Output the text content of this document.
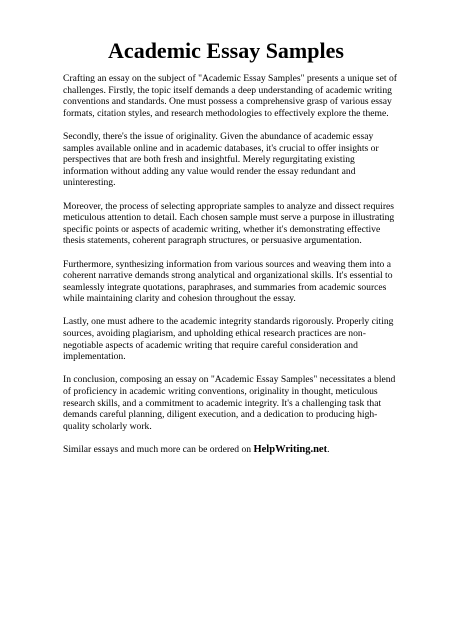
Academic Essay Samples

Crafting an essay on the subject of "Academic Essay Samples" presents a unique set of challenges. Firstly, the topic itself demands a deep understanding of academic writing conventions and standards. One must possess a comprehensive grasp of various essay formats, citation styles, and research methodologies to effectively explore the theme.

Secondly, there's the issue of originality. Given the abundance of academic essay samples available online and in academic databases, it's crucial to offer insights or perspectives that are both fresh and insightful. Merely regurgitating existing information without adding any value would render the essay redundant and uninteresting.

Moreover, the process of selecting appropriate samples to analyze and dissect requires meticulous attention to detail. Each chosen sample must serve a purpose in illustrating specific points or aspects of academic writing, whether it's demonstrating effective thesis statements, coherent paragraph structures, or persuasive argumentation.

Furthermore, synthesizing information from various sources and weaving them into a coherent narrative demands strong analytical and organizational skills. It's essential to seamlessly integrate quotations, paraphrases, and summaries from academic sources while maintaining clarity and cohesion throughout the essay.

Lastly, one must adhere to the academic integrity standards rigorously. Properly citing sources, avoiding plagiarism, and upholding ethical research practices are non-negotiable aspects of academic writing that require careful consideration and implementation.

In conclusion, composing an essay on "Academic Essay Samples" necessitates a blend of proficiency in academic writing conventions, originality in thought, meticulous research skills, and a commitment to academic integrity. It's a challenging task that demands careful planning, diligent execution, and a dedication to producing high-quality scholarly work.

Similar essays and much more can be ordered on HelpWriting.net.
